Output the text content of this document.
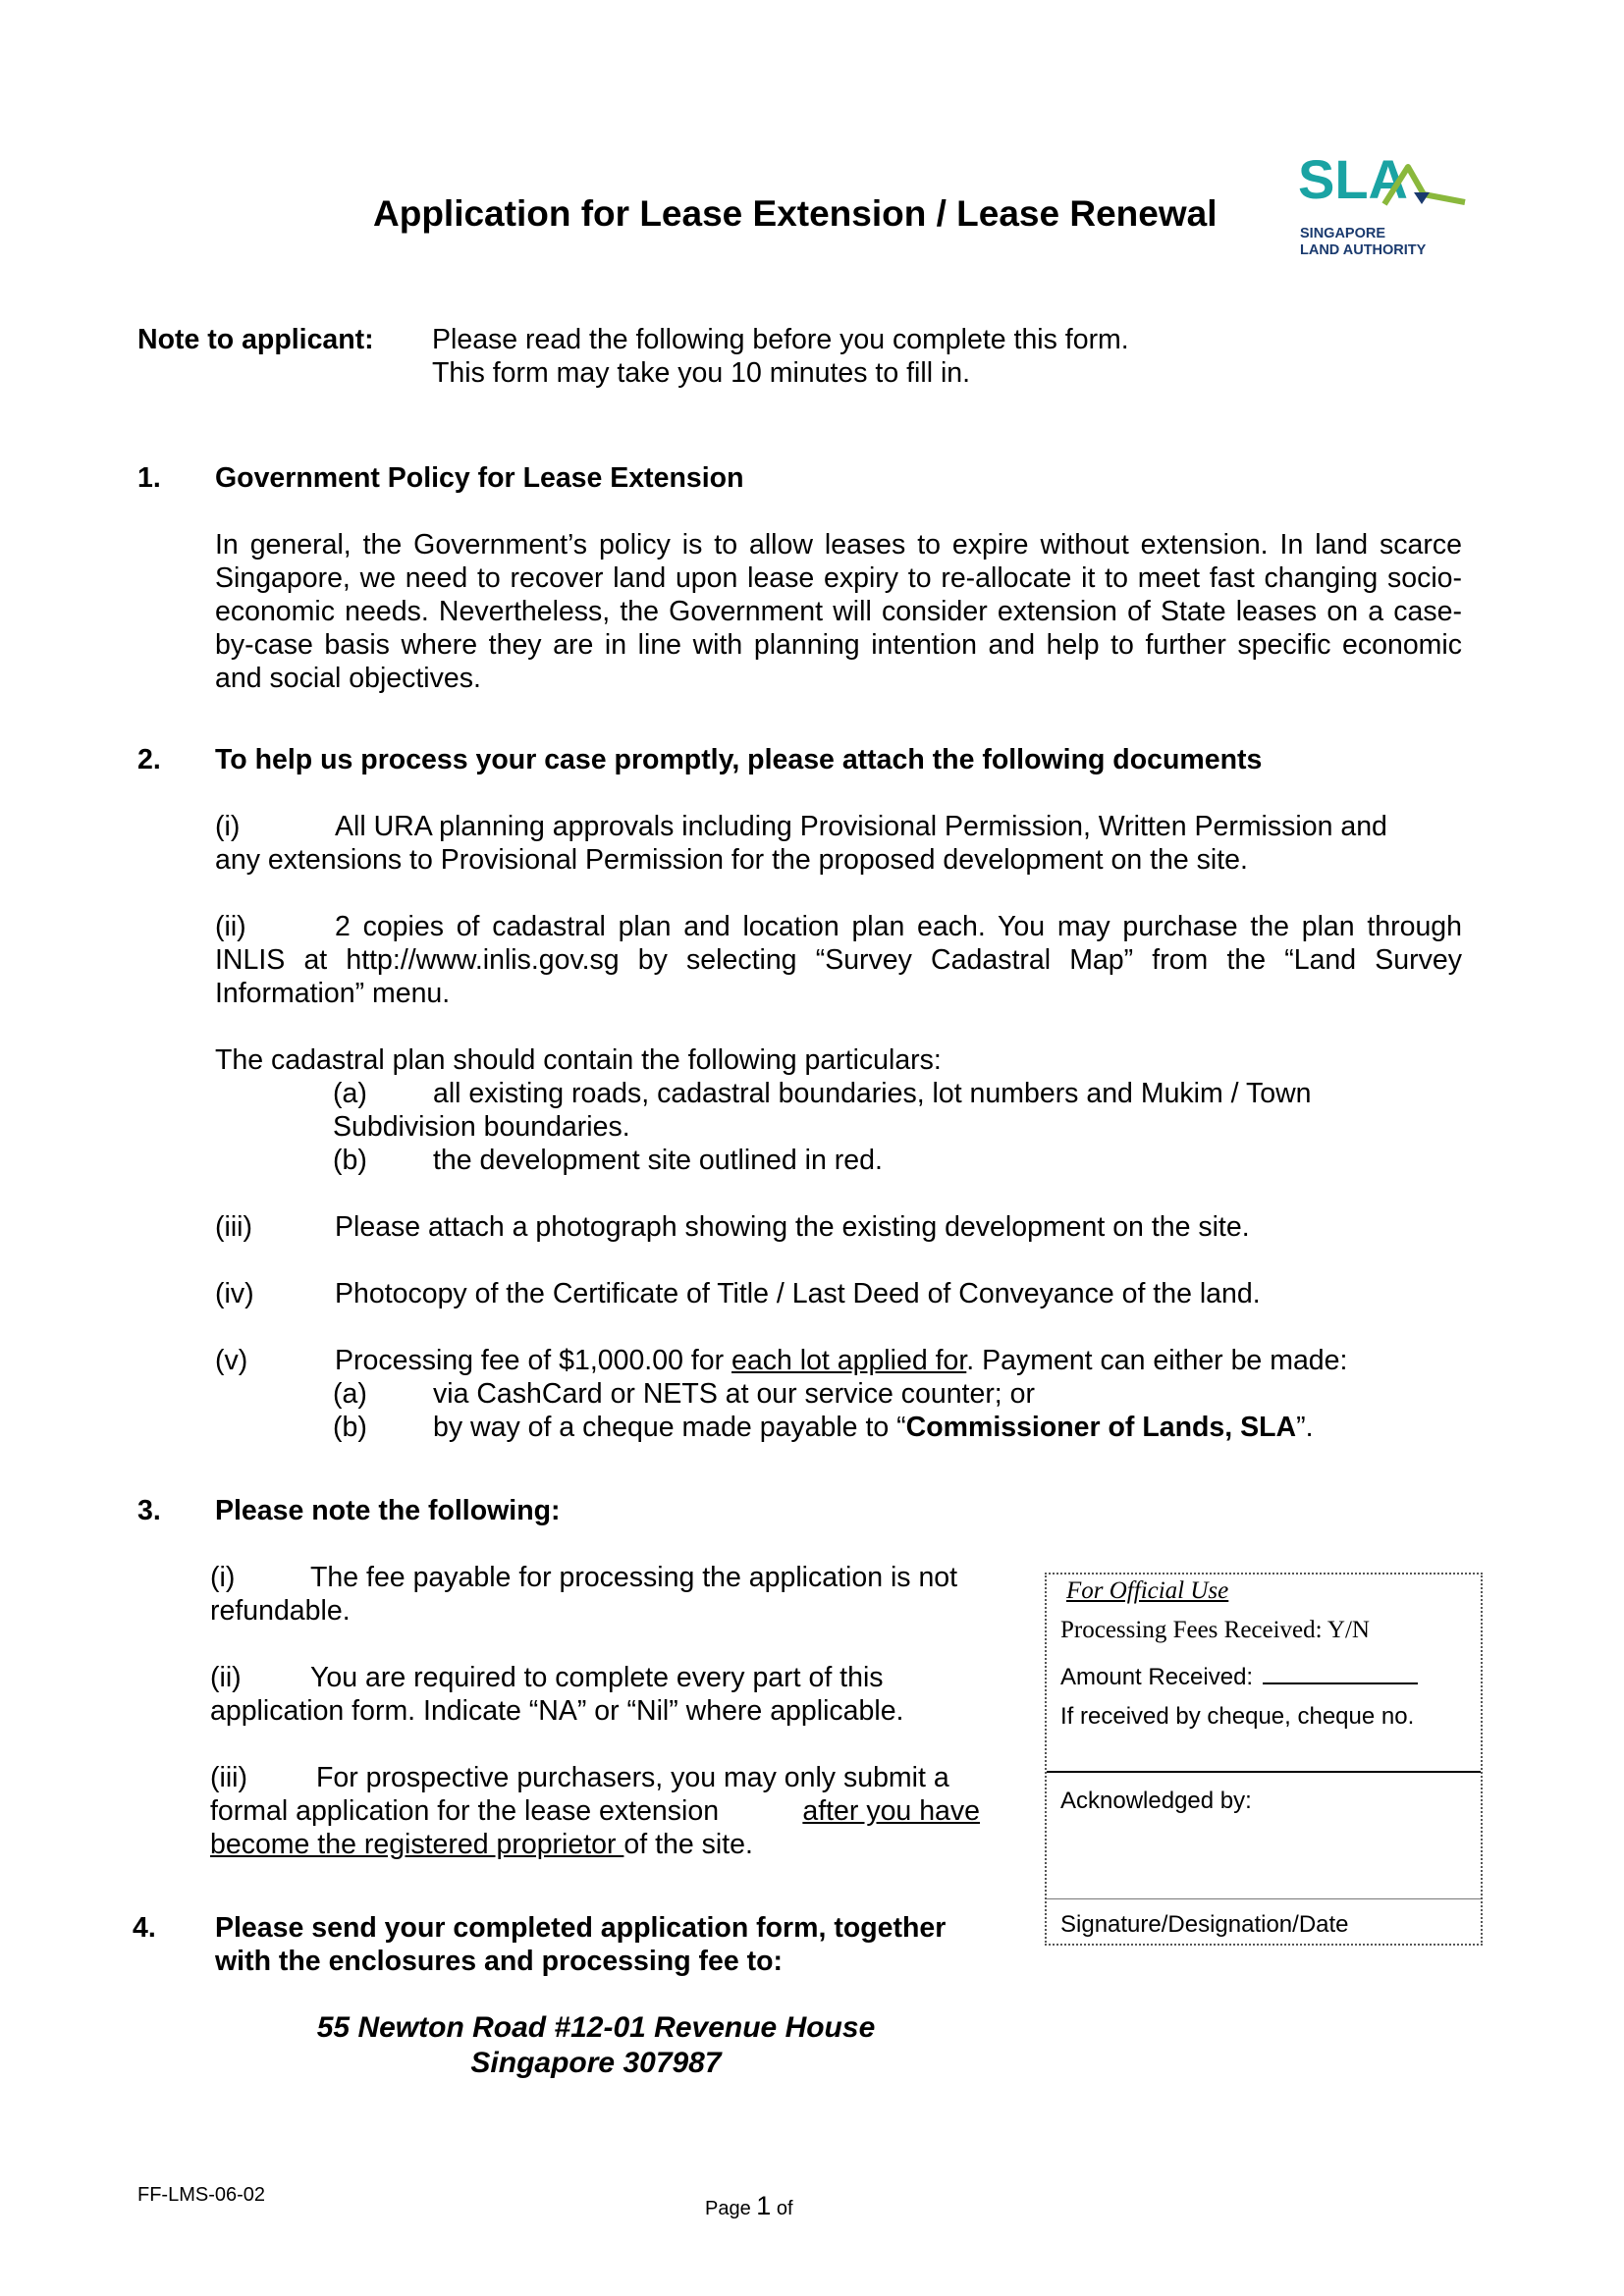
Application for Lease Extension / Lease Renewal
SLA
SINGAPORE
LAND AUTHORITY
Note to applicant: Please read the following before you complete this form.
This form may take you 10 minutes to fill in.
1. Government Policy for Lease Extension
In general, the Government’s policy is to allow leases to expire without extension. In land scarce Singapore, we need to recover land upon lease expiry to re-allocate it to meet fast changing socio-economic needs. Nevertheless, the Government will consider extension of State leases on a case-by-case basis where they are in line with planning intention and help to further specific economic and social objectives.
2. To help us process your case promptly, please attach the following documents
(i)	All URA planning approvals including Provisional Permission, Written Permission and
any extensions to Provisional Permission for the proposed development on the site.
(ii)	2 copies of cadastral plan and location plan each. You may purchase the plan through INLIS at http://www.inlis.gov.sg by selecting “Survey Cadastral Map” from the “Land Survey Information” menu.
The cadastral plan should contain the following particulars:
(a) all existing roads, cadastral boundaries, lot numbers and Mukim / Town
Subdivision boundaries.
(b) the development site outlined in red.
(iii)	Please attach a photograph showing the existing development on the site.
(iv)	Photocopy of the Certificate of Title / Last Deed of Conveyance of the land.
(v)	Processing fee of $1,000.00 for each lot applied for. Payment can either be made:
(a) via CashCard or NETS at our service counter; or
(b) by way of a cheque made payable to “Commissioner of Lands, SLA”.
3. Please note the following:
(i)	The fee payable for processing the application is not
refundable.
(ii) You are required to complete every part of this
application form. Indicate “NA” or “Nil” where applicable.
(iii) For prospective purchasers, you may only submit a
formal application for the lease extension	after you have
become the registered proprietor of the site.
4. Please send your completed application form, together
with the enclosures and processing fee to:
55 Newton Road #12-01 Revenue House
Singapore 307987
For Official Use
Processing Fees Received: Y/N
Amount Received:
If received by cheque, cheque no.
Acknowledged by:
Signature/Designation/Date
FF-LMS-06-02
Page 1 of
